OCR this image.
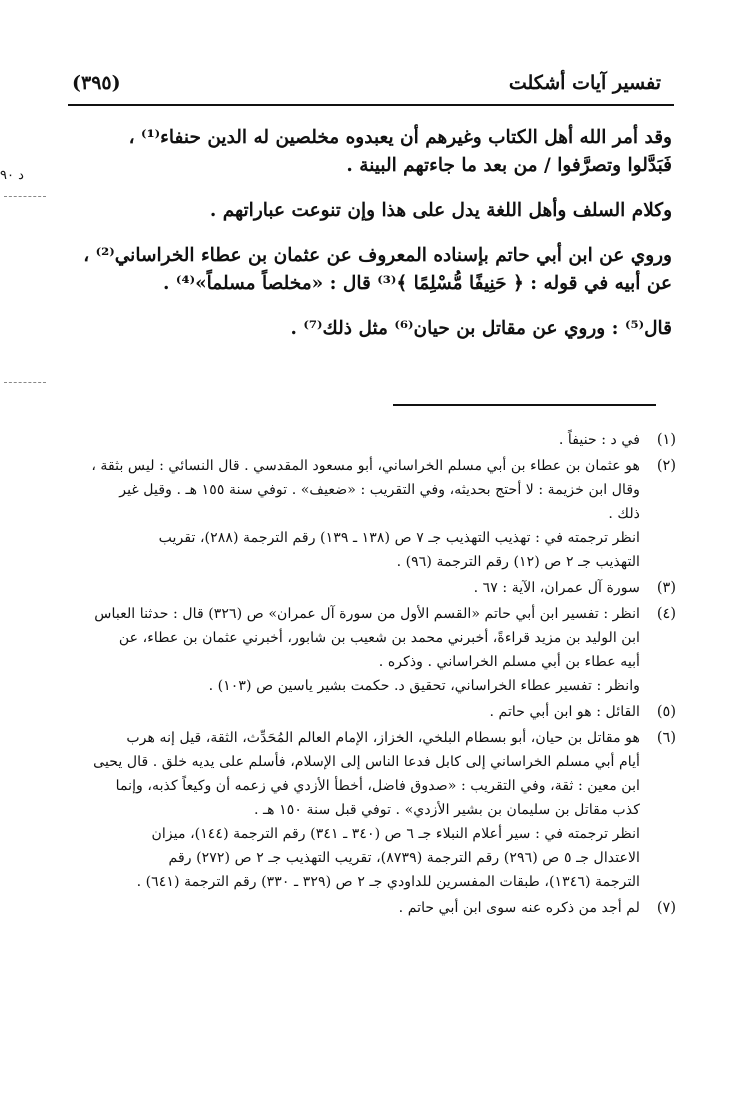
تفسير آيات أشكلت
(٣٩٥)
د ٩٠
وقد أمر الله أهل الكتاب وغيرهم أن يعبدوه مخلصين له الدين حنفاء⁽¹⁾ ،
فَبَدَّلوا وتصرَّفوا / من بعد ما جاءتهم البينة .
وكلام السلف وأهل اللغة يدل على هذا وإن تنوعت عباراتهم .
وروي عن ابن أبي حاتم بإسناده المعروف عن عثمان بن عطاء الخراساني⁽²⁾ ،
عن أبيه في قوله : ﴿ حَنِيفًا مُّسْلِمًا ﴾⁽³⁾ قال : «مخلصاً مسلماً»⁽⁴⁾ .
قال⁽⁵⁾ : وروي عن مقاتل بن حيان⁽⁶⁾ مثل ذلك⁽⁷⁾ .
(١)
في د : حنيفاً .
(٢)
هو عثمان بن عطاء بن أبي مسلم الخراساني، أبو مسعود المقدسي . قال النسائي : ليس بثقة ،
وقال ابن خزيمة : لا أحتج بحديثه، وفي التقريب : «ضعيف» . توفي سنة ١٥٥ هـ . وقيل غير
ذلك .
انظر ترجمته في : تهذيب التهذيب جـ ٧ ص (١٣٨ ـ ١٣٩) رقم الترجمة (٢٨٨)، تقريب
التهذيب جـ ٢ ص (١٢) رقم الترجمة (٩٦) .
(٣)
سورة آل عمران، الآية : ٦٧ .
(٤)
انظر : تفسير ابن أبي حاتم «القسم الأول من سورة آل عمران» ص (٣٢٦) قال : حدثنا العباس
ابن الوليد بن مزيد قراءةً، أخبرني محمد بن شعيب بن شابور، أخبرني عثمان بن عطاء، عن
أبيه عطاء بن أبي مسلم الخراساني . وذكره .
وانظر : تفسير عطاء الخراساني، تحقيق د. حكمت بشير ياسين ص (١٠٣) .
(٥)
القائل : هو ابن أبي حاتم .
(٦)
هو مقاتل بن حيان، أبو بسطام البلخي، الخزاز، الإمام العالم المُحَدِّث، الثقة، قيل إنه هرب
أيام أبي مسلم الخراساني إلى كابل فدعا الناس إلى الإسلام، فأسلم على يديه خلق . قال يحيى
ابن معين : ثقة، وفي التقريب : «صدوق فاضل، أخطأ الأزدي في زعمه أن وكيعاً كذبه، وإنما
كذب مقاتل بن سليمان بن بشير الأزدي» . توفي قبل سنة ١٥٠ هـ .
انظر ترجمته في : سير أعلام النبلاء جـ ٦ ص (٣٤٠ ـ ٣٤١) رقم الترجمة (١٤٤)، ميزان
الاعتدال جـ ٥ ص (٢٩٦) رقم الترجمة (٨٧٣٩)، تقريب التهذيب جـ ٢ ص (٢٧٢) رقم
الترجمة (١٣٤٦)، طبقات المفسرين للداودي جـ ٢ ص (٣٢٩ ـ ٣٣٠) رقم الترجمة (٦٤١) .
(٧)
لم أجد من ذكره عنه سوى ابن أبي حاتم .
